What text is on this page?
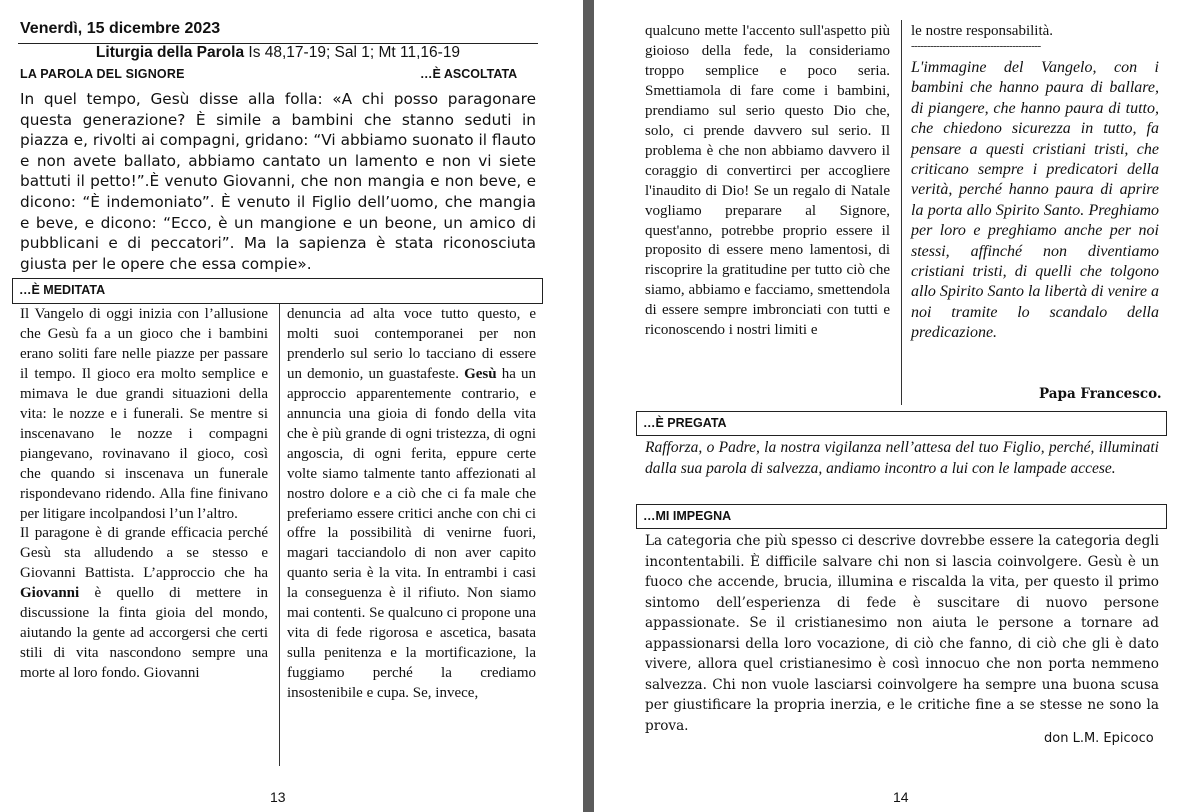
Venerdì, 15 dicembre 2023
Liturgia della Parola Is 48,17-19; Sal 1; Mt 11,16-19
LA PAROLA DEL SIGNORE	…È ASCOLTATA
In quel tempo, Gesù disse alla folla: «A chi posso paragonare questa generazione? È simile a bambini che stanno seduti in piazza e, rivolti ai compagni, gridano: “Vi abbiamo suonato il flauto e non avete ballato, abbiamo cantato un lamento e non vi siete battuti il petto!”.È venuto Giovanni, che non mangia e non beve, e dicono: “È indemoniato”. È venuto il Figlio dell’uomo, che mangia e beve, e dicono: “Ecco, è un mangione e un beone, un amico di pubblicani e di peccatori”. Ma la sapienza è stata riconosciuta giusta per le opere che essa compie».
…È MEDITATA
Il Vangelo di oggi inizia con l’allusione che Gesù fa a un gioco che i bambini erano soliti fare nelle piazze per passare il tempo. Il gioco era molto semplice e mimava le due grandi situazioni della vita: le nozze e i funerali. Se mentre si inscenavano le nozze i compagni piangevano, rovinavano il gioco, così che quando si inscenava un funerale rispondevano ridendo. Alla fine finivano per litigare incolpandosi l’un l’altro.
Il paragone è di grande efficacia perché Gesù sta alludendo a se stesso e Giovanni Battista. L’approccio che ha Giovanni è quello di mettere in discussione la finta gioia del mondo, aiutando la gente ad accorgersi che certi stili di vita nascondono sempre una morte al loro fondo. Giovanni
denuncia ad alta voce tutto questo, e molti suoi contemporanei per non prenderlo sul serio lo tacciano di essere un demonio, un guastafeste. Gesù ha un approccio apparentemente contrario, e annuncia una gioia di fondo della vita che è più grande di ogni tristezza, di ogni angoscia, di ogni ferita, eppure certe volte siamo talmente tanto affezionati al nostro dolore e a ciò che ci fa male che preferiamo essere critici anche con chi ci offre la possibilità di venirne fuori, magari tacciandolo di non aver capito quanto seria è la vita. In entrambi i casi la conseguenza è il rifiuto. Non siamo mai contenti. Se qualcuno ci propone una vita di fede rigorosa e ascetica, basata sulla penitenza e la mortificazione, la fuggiamo perché la crediamo insostenibile e cupa. Se, invece,
13
qualcuno mette l'accento sull'aspetto più gioioso della fede, la consideriamo troppo semplice e poco seria. Smettiamola di fare come i bambini, prendiamo sul serio questo Dio che, solo, ci prende davvero sul serio. Il problema è che non abbiamo davvero il coraggio di convertirci per accogliere l'inaudito di Dio! Se un regalo di Natale vogliamo preparare al Signore, quest'anno, potrebbe proprio essere il proposito di essere meno lamentosi, di riscoprire la gratitudine per tutto ciò che siamo, abbiamo e facciamo, smettendola di essere sempre imbronciati con tutti e riconoscendo i nostri limiti e
le nostre responsabilità.
-----------------------------------------
L'immagine del Vangelo, con i bambini che hanno paura di ballare, di piangere, che hanno paura di tutto, che chiedono sicurezza in tutto, fa pensare a questi cristiani tristi, che criticano sempre i predicatori della verità, perché hanno paura di aprire la porta allo Spirito Santo. Preghiamo per loro e preghiamo anche per noi stessi, affinché non diventiamo cristiani tristi, di quelli che tolgono allo Spirito Santo la libertà di venire a noi tramite lo scandalo della predicazione.
Papa Francesco.
…È PREGATA
Rafforza, o Padre, la nostra vigilanza nell’attesa del tuo Figlio, perché, illuminati dalla sua parola di salvezza, andiamo incontro a lui con le lampade accese.
…MI IMPEGNA
La categoria che più spesso ci descrive dovrebbe essere la categoria degli incontentabili. È difficile salvare chi non si lascia coinvolgere. Gesù è un fuoco che accende, brucia, illumina e riscalda la vita, per questo il primo sintomo dell’esperienza di fede è suscitare di nuovo persone appassionate. Se il cristianesimo non aiuta le persone a tornare ad appassionarsi della loro vocazione, di ciò che fanno, di ciò che gli è dato vivere, allora quel cristianesimo è così innocuo che non porta nemmeno salvezza. Chi non vuole lasciarsi coinvolgere ha sempre una buona scusa per giustificare la propria inerzia, e le critiche fine a se stesse ne sono la prova.
don L.M. Epicoco
14
